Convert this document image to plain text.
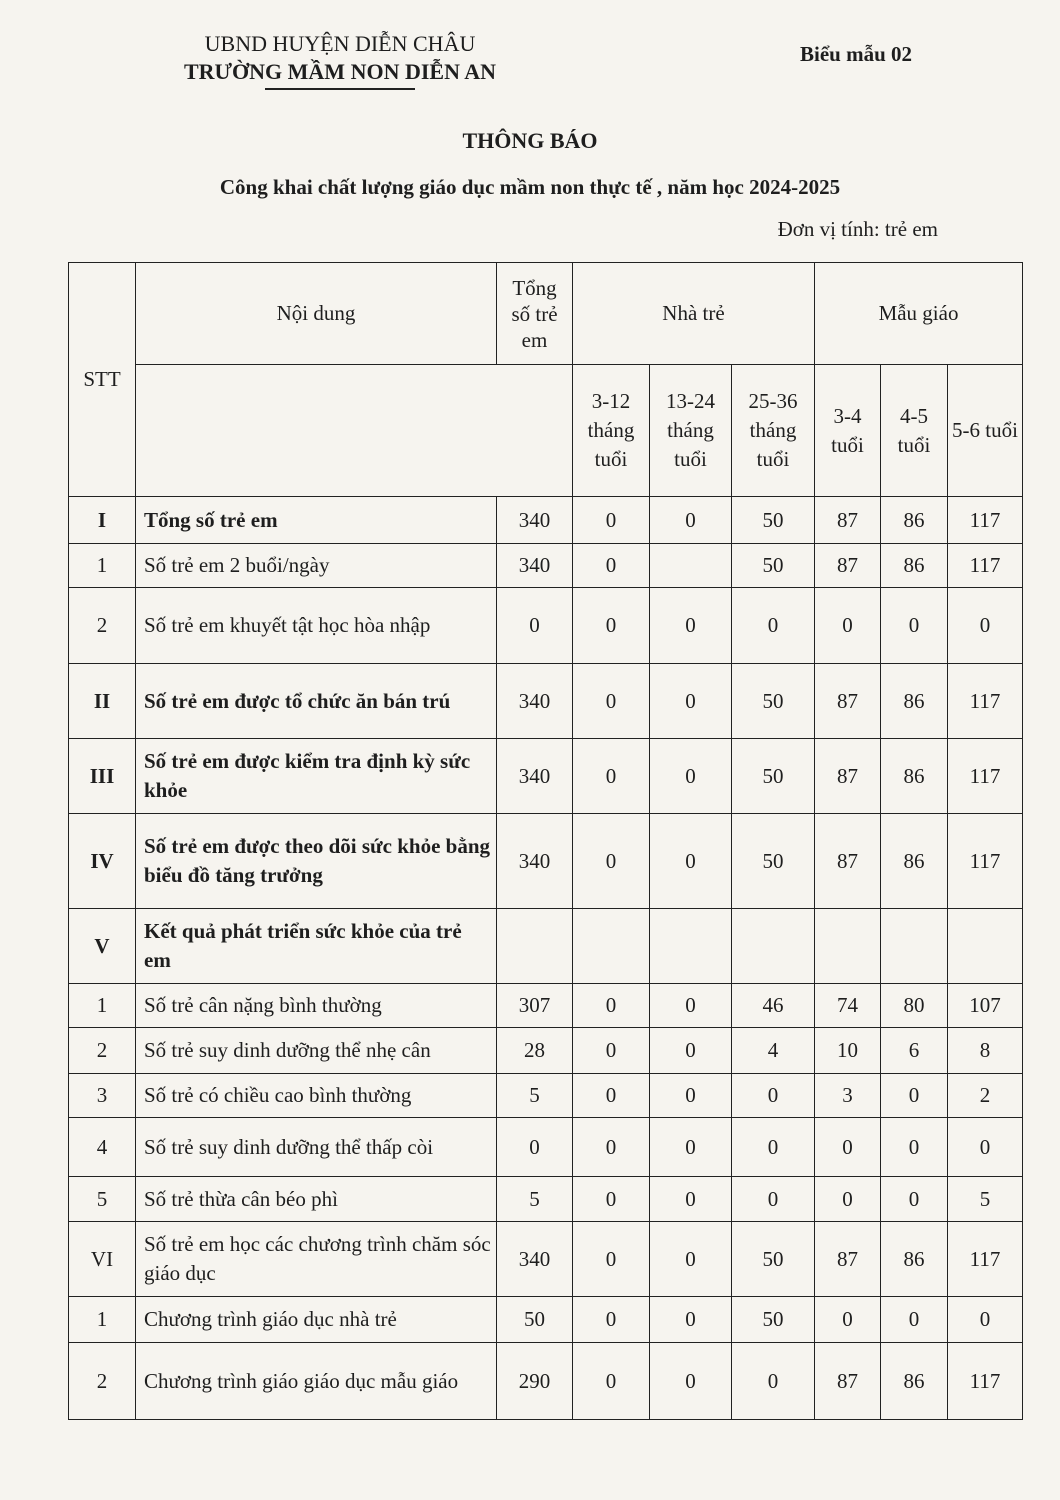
UBND HUYỆN DIỄN CHÂU
TRƯỜNG MẦM NON DIỄN AN
Biểu mẫu 02
THÔNG BÁO
Công khai chất lượng giáo dục mầm non thực tế , năm học 2024-2025
Đơn vị tính: trẻ em
STT	Nội dung	Tổng số trẻ em	Nhà trẻ			Mẫu giáo		
			3-12 tháng tuổi	13-24 tháng tuổi	25-36 tháng tuổi	3-4 tuổi	4-5 tuổi	5-6 tuổi
I	Tổng số trẻ em	340	0	0	50	87	86	117
1	Số trẻ em 2 buổi/ngày	340	0		50	87	86	117
2	Số trẻ em khuyết tật học hòa nhập	0	0	0	0	0	0	0
II	Số trẻ em được tổ chức ăn bán trú	340	0	0	50	87	86	117
III	Số trẻ em được kiểm tra định kỳ sức khỏe	340	0	0	50	87	86	117
IV	Số trẻ em được theo dõi sức khỏe bằng biểu đồ tăng trưởng	340	0	0	50	87	86	117
V	Kết quả phát triển sức khỏe của trẻ em							
1	Số trẻ cân nặng bình thường	307	0	0	46	74	80	107
2	Số trẻ suy dinh dưỡng thể nhẹ cân	28	0	0	4	10	6	8
3	Số trẻ có chiều cao bình thường	5	0	0	0	3	0	2
4	Số trẻ suy dinh dưỡng thể thấp còi	0	0	0	0	0	0	0
5	Số trẻ thừa cân béo phì	5	0	0	0	0	0	5
VI	Số trẻ em học các chương trình chăm sóc giáo dục	340	0	0	50	87	86	117
1	Chương trình giáo dục nhà trẻ	50	0	0	50	0	0	0
2	Chương trình giáo giáo dục mẫu giáo	290	0	0	0	87	86	117
